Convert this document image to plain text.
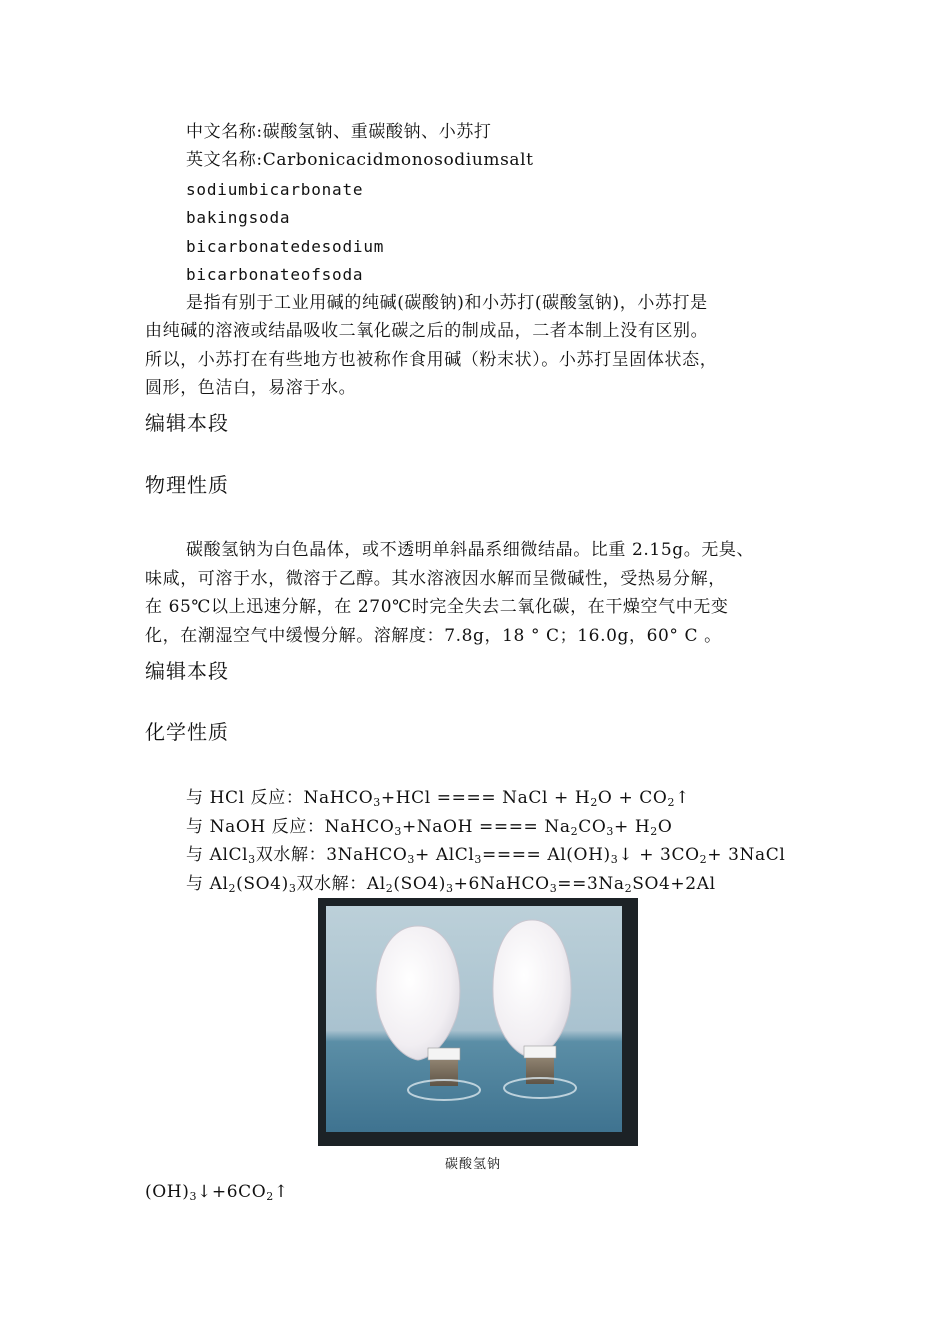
中文名称:碳酸氢钠、重碳酸钠、小苏打
英文名称:Carbonicacidmonosodiumsalt
sodiumbicarbonate
bakingsoda
bicarbonatedesodium
bicarbonateofsoda
是指有别于工业用碱的纯碱(碳酸钠)和小苏打(碳酸氢钠)，小苏打是
由纯碱的溶液或结晶吸收二氧化碳之后的制成品，二者本制上没有区别。
所以，小苏打在有些地方也被称作食用碱（粉末状）。小苏打呈固体状态，
圆形，色洁白，易溶于水。
编辑本段
物理性质
碳酸氢钠为白色晶体，或不透明单斜晶系细微结晶。比重 2.15g。无臭、
味咸，可溶于水，微溶于乙醇。其水溶液因水解而呈微碱性，受热易分解，
在 65℃以上迅速分解，在 270℃时完全失去二氧化碳，在干燥空气中无变
化，在潮湿空气中缓慢分解。溶解度：7.8g，18 ° C；16.0g，60° C 。
编辑本段
化学性质
与 HCl 反应：NaHCO$_3$+HCl ==== NaCl + $H_2O$ + $CO_2↑$
与 NaOH 反应：NaHCO$_3$+NaOH ==== $Na_2CO_3+ H_2O$
与 AlCl$_3$双水解：3NaHCO$_3$+ AlCl$_3$==== $Al(OH)_3↓ + 3CO_2+$ 3NaCl
与 $Al_2(SO4)_3$双水解：$Al_2(SO4)_3+6NaHCO_3==3Na_2SO4+2Al$
碳酸氢钠
$(OH)_3↓+6CO_2↑$
